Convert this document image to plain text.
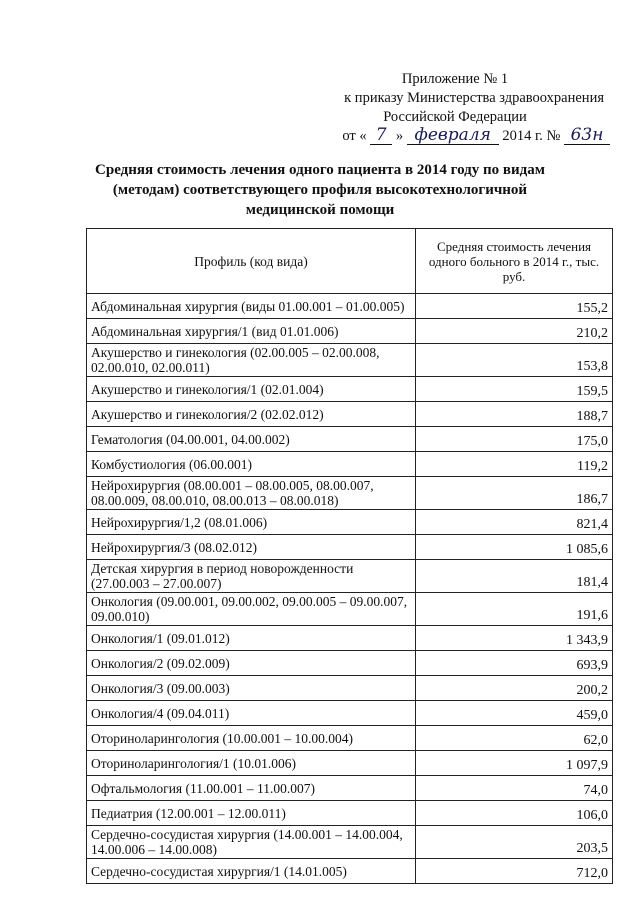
Приложение № 1
к приказу Министерства здравоохранения
Российской Федерации
от « 7 » февраля 2014 г. № 63н
Средняя стоимость лечения одного пациента в 2014 году по видам (методам) соответствующего профиля высокотехнологичной медицинской помощи
Профиль (код вида)	Средняя стоимость лечения одного больного в 2014 г., тыс. руб.
Абдоминальная хирургия (виды 01.00.001 – 01.00.005)	155,2
Абдоминальная хирургия/1 (вид 01.01.006)	210,2
Акушерство и гинекология (02.00.005 – 02.00.008, 02.00.010, 02.00.011)	153,8
Акушерство и гинекология/1 (02.01.004)	159,5
Акушерство и гинекология/2 (02.02.012)	188,7
Гематология (04.00.001, 04.00.002)	175,0
Комбустиология (06.00.001)	119,2
Нейрохирургия (08.00.001 – 08.00.005, 08.00.007, 08.00.009, 08.00.010, 08.00.013 – 08.00.018)	186,7
Нейрохирургия/1,2 (08.01.006)	821,4
Нейрохирургия/3 (08.02.012)	1 085,6
Детская хирургия в период новорожденности (27.00.003 – 27.00.007)	181,4
Онкология (09.00.001, 09.00.002, 09.00.005 – 09.00.007, 09.00.010)	191,6
Онкология/1 (09.01.012)	1 343,9
Онкология/2 (09.02.009)	693,9
Онкология/3 (09.00.003)	200,2
Онкология/4 (09.04.011)	459,0
Оториноларингология (10.00.001 – 10.00.004)	62,0
Оториноларингология/1 (10.01.006)	1 097,9
Офтальмология (11.00.001 – 11.00.007)	74,0
Педиатрия (12.00.001 – 12.00.011)	106,0
Сердечно-сосудистая хирургия (14.00.001 – 14.00.004, 14.00.006 – 14.00.008)	203,5
Сердечно-сосудистая хирургия/1 (14.01.005)	712,0
